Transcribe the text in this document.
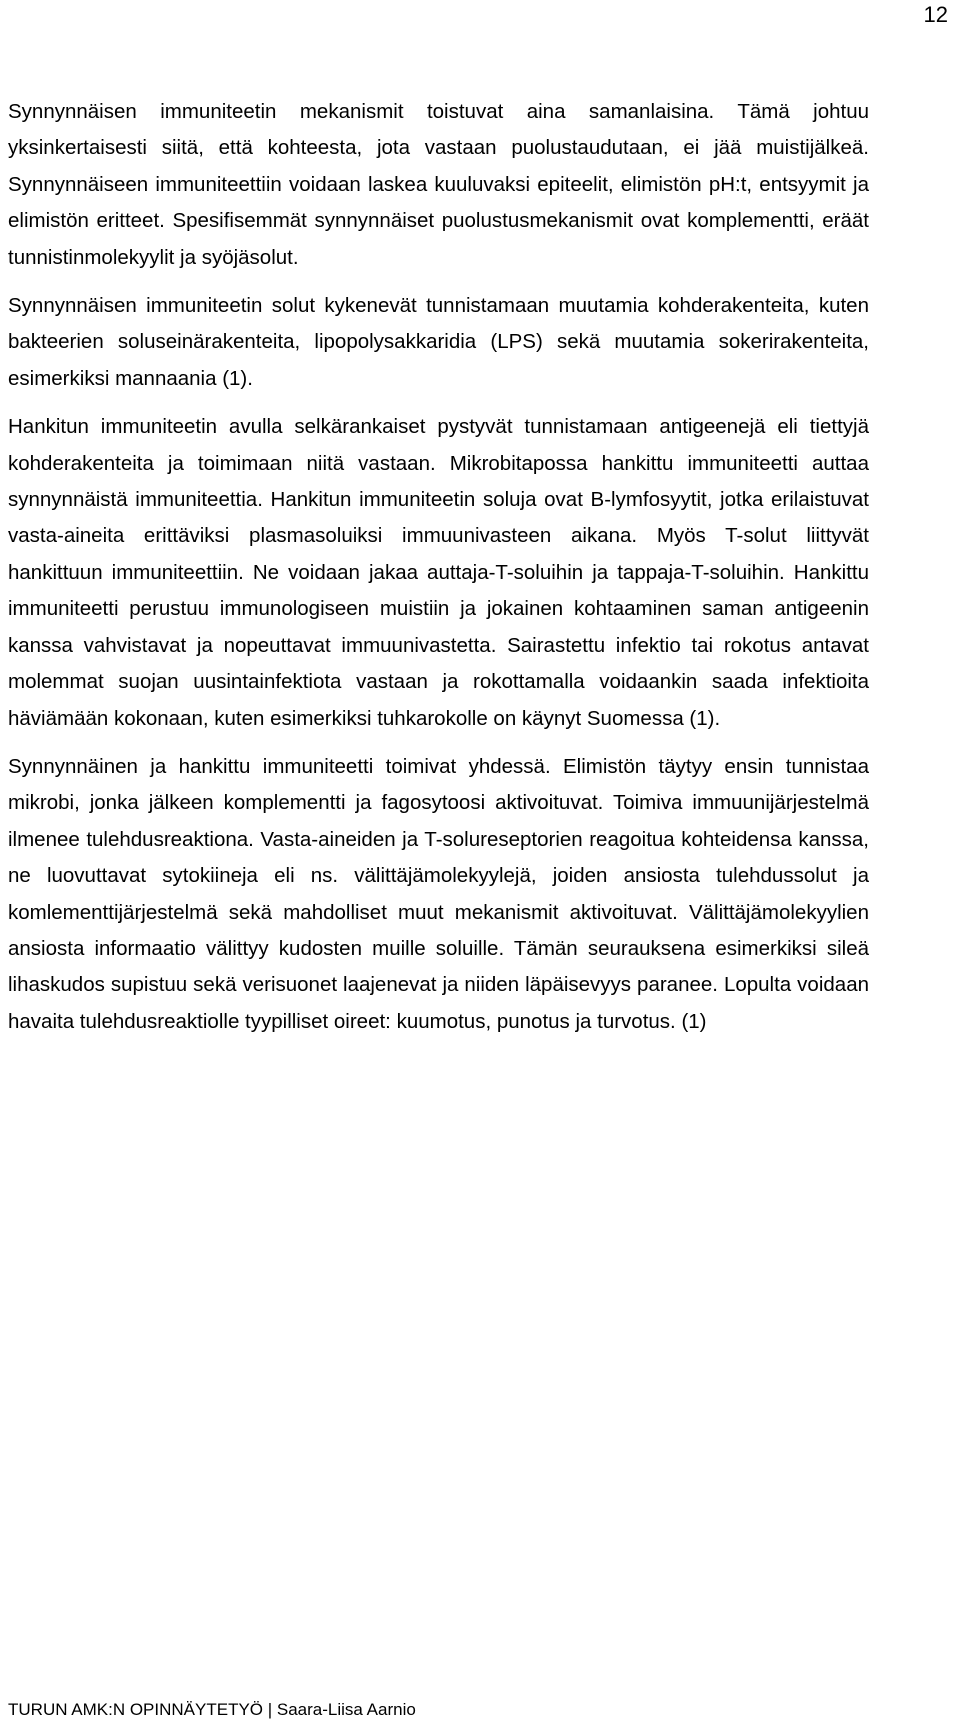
12

Synnynnäisen immuniteetin mekanismit toistuvat aina samanlaisina. Tämä johtuu yksinkertaisesti siitä, että kohteesta, jota vastaan puolustaudutaan, ei jää muistijälkeä. Synnynnäiseen immuniteettiin voidaan laskea kuuluvaksi epiteelit, elimistön pH:t, entsyymit ja elimistön eritteet. Spesifisemmät synnynnäiset puolustusmekanismit ovat komplementti, eräät tunnistinmolekyylit ja syöjäsolut.

Synnynnäisen immuniteetin solut kykenevät tunnistamaan muutamia kohderakenteita, kuten bakteerien soluseinärakenteita, lipopolysakkaridia (LPS) sekä muutamia sokerirakenteita, esimerkiksi mannaania (1).

Hankitun immuniteetin avulla selkärankaiset pystyvät tunnistamaan antigeenejä eli tiettyjä kohderakenteita ja toimimaan niitä vastaan. Mikrobitapossa hankittu immuniteetti auttaa synnynnäistä immuniteettia. Hankitun immuniteetin soluja ovat B-lymfosyytit, jotka erilaistuvat vasta-aineita erittäviksi plasmasoluiksi immuunivasteen aikana. Myös T-solut liittyvät hankittuun immuniteettiin. Ne voidaan jakaa auttaja-T-soluihin ja tappaja-T-soluihin. Hankittu immuniteetti perustuu immunologiseen muistiin ja jokainen kohtaaminen saman antigeenin kanssa vahvistavat ja nopeuttavat immuunivastetta. Sairastettu infektio tai rokotus antavat molemmat suojan uusintainfektiota vastaan ja rokottamalla voidaankin saada infektioita häviämään kokonaan, kuten esimerkiksi tuhkarokolle on käynyt Suomessa (1).

Synnynnäinen ja hankittu immuniteetti toimivat yhdessä. Elimistön täytyy ensin tunnistaa mikrobi, jonka jälkeen komplementti ja fagosytoosi aktivoituvat. Toimiva immuunijärjestelmä ilmenee tulehdusreaktiona. Vasta-aineiden ja T-solureseptorien reagoitua kohteidensa kanssa, ne luovuttavat sytokiineja eli ns. välittäjämolekyylejä, joiden ansiosta tulehdussolut ja komlementtijärjestelmä sekä mahdolliset muut mekanismit aktivoituvat. Välittäjämolekyylien ansiosta informaatio välittyy kudosten muille soluille. Tämän seurauksena esimerkiksi sileä lihaskudos supistuu sekä verisuonet laajenevat ja niiden läpäisevyys paranee. Lopulta voidaan havaita tulehdusreaktiolle tyypilliset oireet: kuumotus, punotus ja turvotus. (1)

TURUN AMK:N OPINNÄYTETYÖ | Saara-Liisa Aarnio
